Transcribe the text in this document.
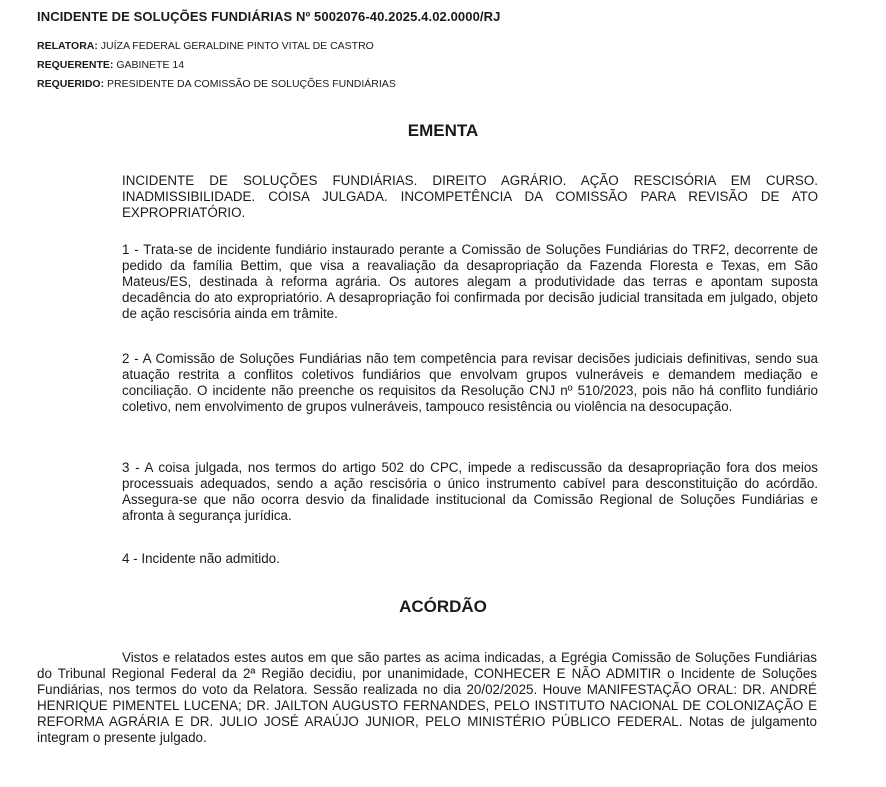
INCIDENTE DE SOLUÇÕES FUNDIÁRIAS Nº 5002076-40.2025.4.02.0000/RJ
RELATORA: JUÍZA FEDERAL GERALDINE PINTO VITAL DE CASTRO
REQUERENTE: GABINETE 14
REQUERIDO: PRESIDENTE DA COMISSÃO DE SOLUÇÕES FUNDIÁRIAS
EMENTA

INCIDENTE DE SOLUÇÕES FUNDIÁRIAS. DIREITO AGRÁRIO. AÇÃO RESCISÓRIA EM CURSO. INADMISSIBILIDADE. COISA JULGADA. INCOMPETÊNCIA DA COMISSÃO PARA REVISÃO DE ATO EXPROPRIATÓRIO.

1 - Trata-se de incidente fundiário instaurado perante a Comissão de Soluções Fundiárias do TRF2, decorrente de pedido da família Bettim, que visa a reavaliação da desapropriação da Fazenda Floresta e Texas, em São Mateus/ES, destinada à reforma agrária. Os autores alegam a produtividade das terras e apontam suposta decadência do ato expropriatório. A desapropriação foi confirmada por decisão judicial transitada em julgado, objeto de ação rescisória ainda em trâmite.

2 - A Comissão de Soluções Fundiárias não tem competência para revisar decisões judiciais definitivas, sendo sua atuação restrita a conflitos coletivos fundiários que envolvam grupos vulneráveis e demandem mediação e conciliação. O incidente não preenche os requisitos da Resolução CNJ nº 510/2023, pois não há conflito fundiário coletivo, nem envolvimento de grupos vulneráveis, tampouco resistência ou violência na desocupação.

3 - A coisa julgada, nos termos do artigo 502 do CPC, impede a rediscussão da desapropriação fora dos meios processuais adequados, sendo a ação rescisória o único instrumento cabível para desconstituição do acórdão. Assegura-se que não ocorra desvio da finalidade institucional da Comissão Regional de Soluções Fundiárias e afronta à segurança jurídica.

4 - Incidente não admitido.

ACÓRDÃO

Vistos e relatados estes autos em que são partes as acima indicadas, a Egrégia Comissão de Soluções Fundiárias do Tribunal Regional Federal da 2ª Região decidiu, por unanimidade, CONHECER E NÃO ADMITIR o Incidente de Soluções Fundiárias, nos termos do voto da Relatora. Sessão realizada no dia 20/02/2025. Houve MANIFESTAÇÃO ORAL: DR. ANDRÉ HENRIQUE PIMENTEL LUCENA; DR. JAILTON AUGUSTO FERNANDES, PELO INSTITUTO NACIONAL DE COLONIZAÇÃO E REFORMA AGRÁRIA E DR. JULIO JOSÉ ARAÚJO JUNIOR, PELO MINISTÉRIO PÚBLICO FEDERAL. Notas de julgamento integram o presente julgado.
